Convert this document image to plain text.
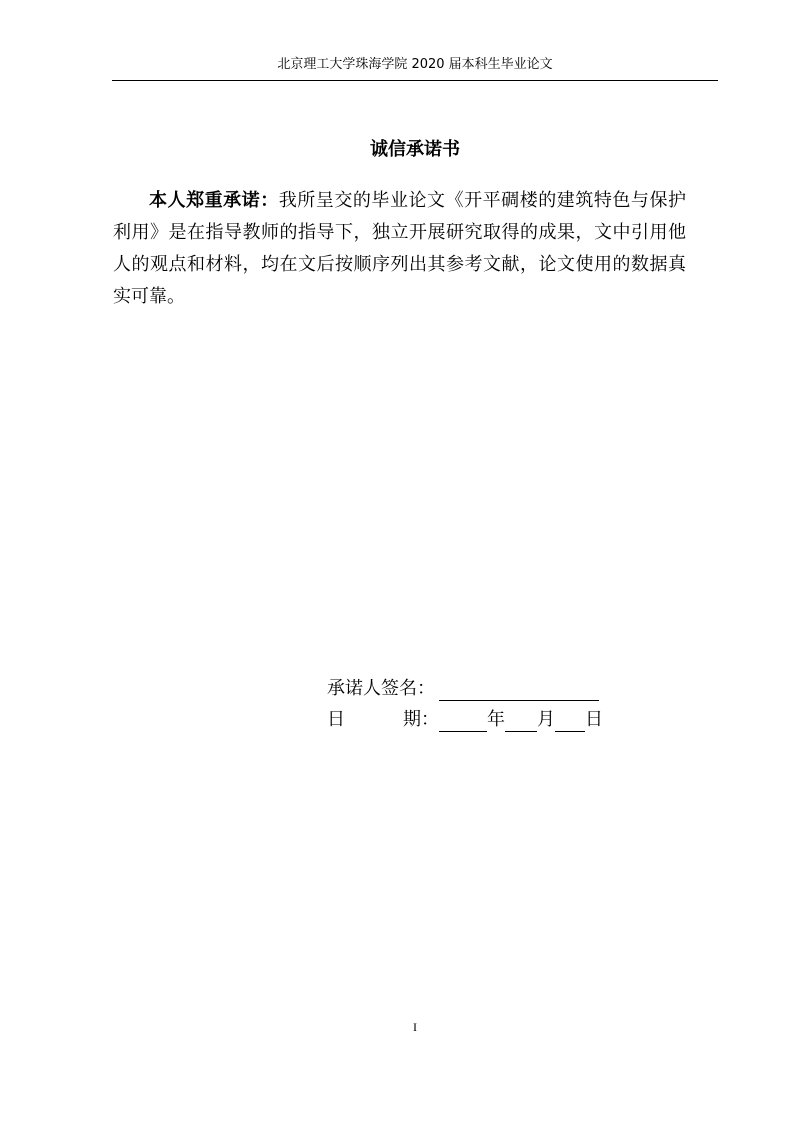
北京理工大学珠海学院 2020 届本科生毕业论文
诚信承诺书
本人郑重承诺：我所呈交的毕业论文《开平碉楼的建筑特色与保护利用》是在指导教师的指导下，独立开展研究取得的成果，文中引用他人的观点和材料，均在文后按顺序列出其参考文献，论文使用的数据真实可靠。
承诺人签名：
日	期：	年 月 日
I
